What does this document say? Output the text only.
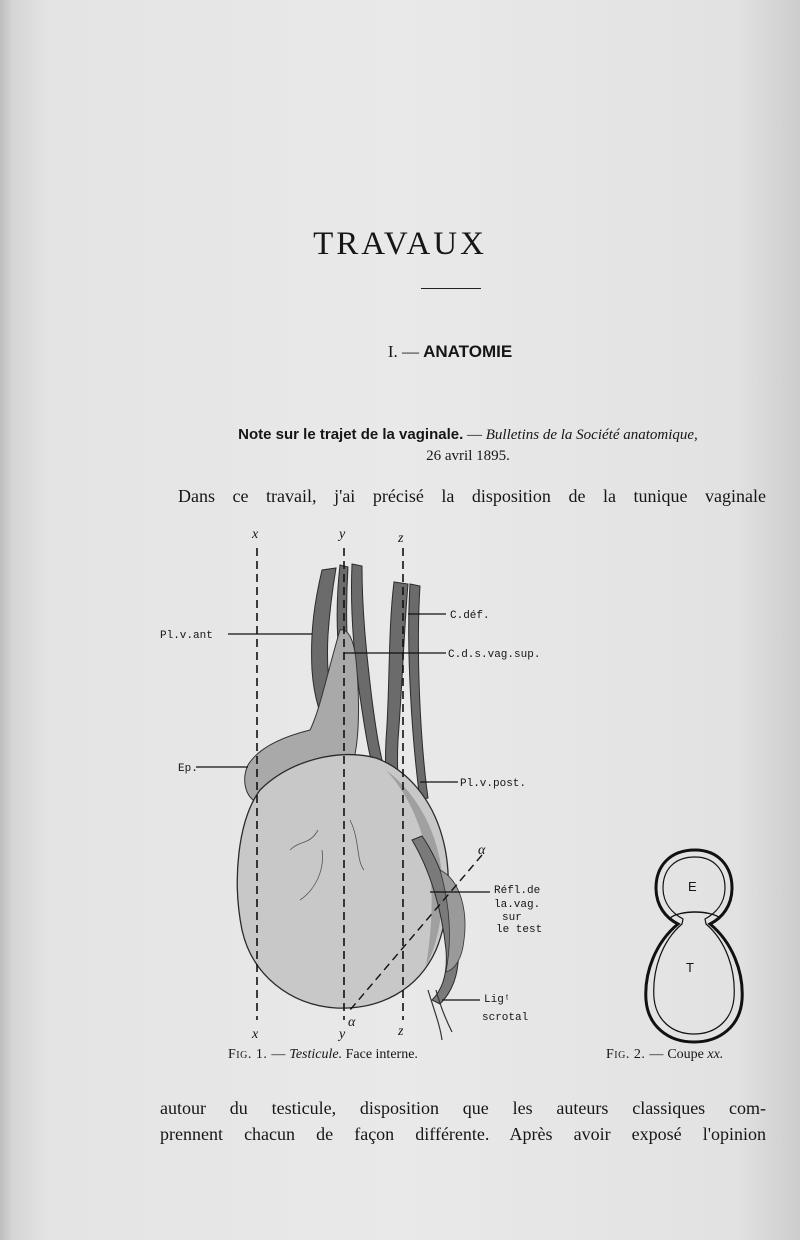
TRAVAUX
I. — ANATOMIE
Note sur le trajet de la vaginale. — Bulletins de la Société anatomique,
26 avril 1895.
Dans ce travail, j'ai précisé la disposition de la tunique vaginale
x	y	z
x	y	z
α
α
C.déf.
C.d.s.vag.sup.
Pl.v.ant
Ep.
Pl.v.post.
Réfl.de
la.vag.
sur
le test
Ligᵗ
scrotal
E
T
Fig. 1. — Testicule. Face interne.	Fig. 2. — Coupe xx.
autour du testicule, disposition que les auteurs classiques com-
prennent chacun de façon différente. Après avoir exposé l'opinion
